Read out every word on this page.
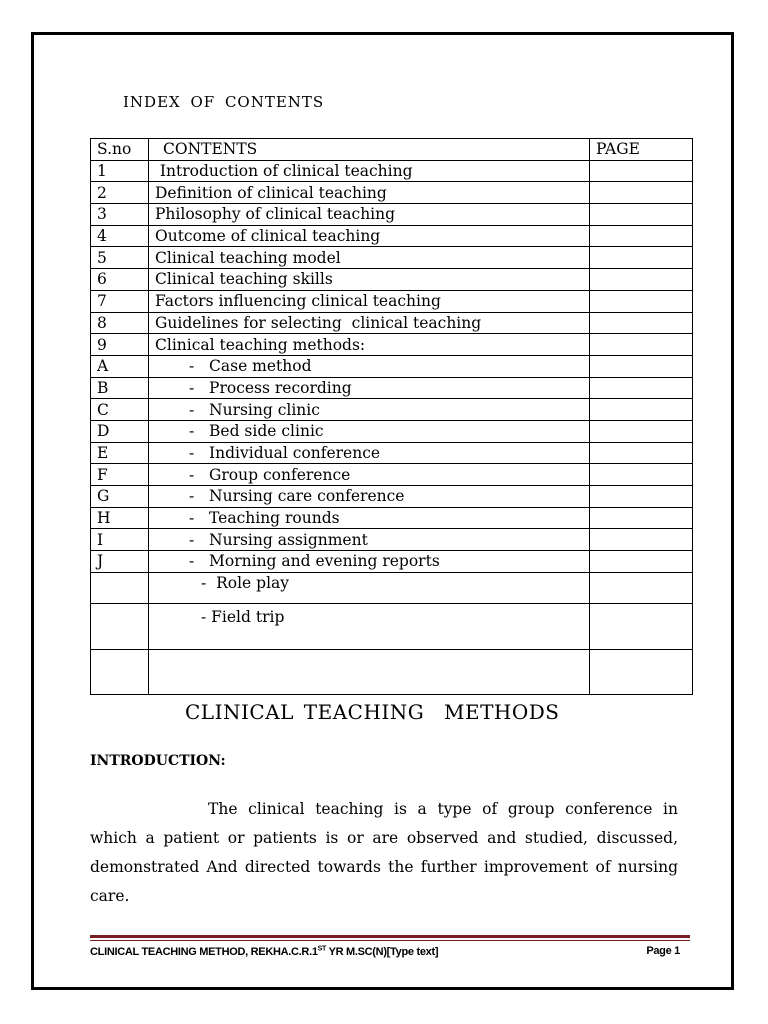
INDEX OF CONTENTS
S.no	CONTENTS	PAGE
1	Introduction of clinical teaching	
2	Definition of clinical teaching	
3	Philosophy of clinical teaching	
4	Outcome of clinical teaching	
5	Clinical teaching model	
6	Clinical teaching skills	
7	Factors influencing clinical teaching	
8	Guidelines for selecting  clinical teaching	
9	Clinical teaching methods:	
A	-   Case method	
B	-   Process recording	
C	-   Nursing clinic	
D	-   Bed side clinic	
E	-   Individual conference	
F	-   Group conference	
G	-   Nursing care conference	
H	-   Teaching rounds	
I	-   Nursing assignment	
J	-   Morning and evening reports	
	-  Role play	
	- Field trip	

CLINICAL TEACHING  METHODS
INTRODUCTION:
The clinical teaching is a type of group conference in which a patient or patients is or are observed and studied, discussed, demonstrated And directed towards the further improvement of nursing care.
CLINICAL TEACHING METHOD, REKHA.C.R.1ST YR M.SC(N)[Type text]	Page 1
